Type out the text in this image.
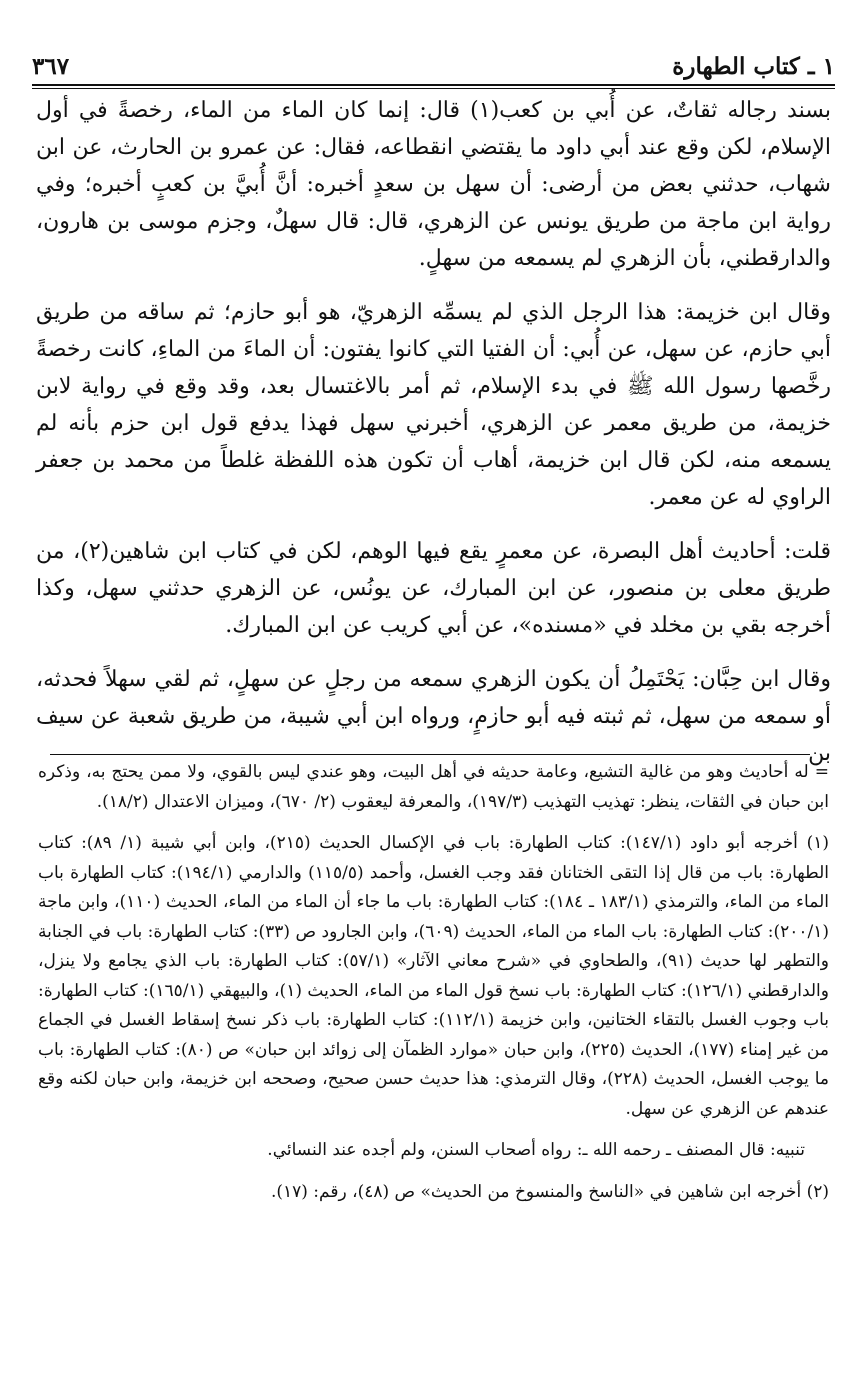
١ ـ كتاب الطهارة
٣٦٧

بسند رجاله ثقاتٌ، عن أُبي بن كعب(١) قال: إنما كان الماء من الماء، رخصةً في أول الإسلام، لكن وقع عند أبي داود ما يقتضي انقطاعه، فقال: عن عمرو بن الحارث، عن ابن شهاب، حدثني بعض من أرضى: أن سهل بن سعدٍ أخبره: أنَّ أُبيَّ بن كعبٍ أخبره؛ وفي رواية ابن ماجة من طريق يونس عن الزهري، قال: قال سهلٌ، وجزم موسى بن هارون، والدارقطني، بأن الزهري لم يسمعه من سهلٍ.

وقال ابن خزيمة: هذا الرجل الذي لم يسمِّه الزهريّ، هو أبو حازم؛ ثم ساقه من طريق أبي حازم، عن سهل، عن أُبي: أن الفتيا التي كانوا يفتون: أن الماءَ من الماءِ، كانت رخصةً رخَّصها رسول الله ﷺ في بدء الإسلام، ثم أمر بالاغتسال بعد، وقد وقع في رواية لابن خزيمة، من طريق معمر عن الزهري، أخبرني سهل فهذا يدفع قول ابن حزم بأنه لم يسمعه منه، لكن قال ابن خزيمة، أهاب أن تكون هذه اللفظة غلطاً من محمد بن جعفر الراوي له عن معمر.

قلت: أحاديث أهل البصرة، عن معمرٍ يقع فيها الوهم، لكن في كتاب ابن شاهين(٢)، من طريق معلى بن منصور، عن ابن المبارك، عن يونُس، عن الزهري حدثني سهل، وكذا أخرجه بقي بن مخلد في «مسنده»، عن أبي كريب عن ابن المبارك.

وقال ابن حِبَّان: يَحْتَمِلُ أن يكون الزهري سمعه من رجلٍ عن سهلٍ، ثم لقي سهلاً فحدثه، أو سمعه من سهل، ثم ثبته فيه أبو حازمٍ، ورواه ابن أبي شيبة، من طريق شعبة عن سيف بن

= له أحاديث وهو من غالية التشيع، وعامة حديثه في أهل البيت، وهو عندي ليس بالقوي، ولا ممن يحتج به، وذكره ابن حبان في الثقات، ينظر: تهذيب التهذيب (١٩٧/٣)، والمعرفة ليعقوب (٢/ ٦٧٠)، وميزان الاعتدال (١٨/٢).

(١) أخرجه أبو داود (١٤٧/١): كتاب الطهارة: باب في الإكسال الحديث (٢١٥)، وابن أبي شيبة (١/ ٨٩): كتاب الطهارة: باب من قال إذا التقى الختانان فقد وجب الغسل، وأحمد (١١٥/٥) والدارمي (١٩٤/١): كتاب الطهارة باب الماء من الماء، والترمذي (١٨٣/١ ـ ١٨٤): كتاب الطهارة: باب ما جاء أن الماء من الماء، الحديث (١١٠)، وابن ماجة (٢٠٠/١): كتاب الطهارة: باب الماء من الماء، الحديث (٦٠٩)، وابن الجارود ص (٣٣): كتاب الطهارة: باب في الجنابة والتطهر لها حديث (٩١)، والطحاوي في «شرح معاني الآثار» (٥٧/١): كتاب الطهارة: باب الذي يجامع ولا ينزل، والدارقطني (١٢٦/١): كتاب الطهارة: باب نسخ قول الماء من الماء، الحديث (١)، والبيهقي (١٦٥/١): كتاب الطهارة: باب وجوب الغسل بالتقاء الختانين، وابن خزيمة (١١٢/١): كتاب الطهارة: باب ذكر نسخ إسقاط الغسل في الجماع من غير إمناء (١٧٧)، الحديث (٢٢٥)، وابن حبان «موارد الظمآن إلى زوائد ابن حبان» ص (٨٠): كتاب الطهارة: باب ما يوجب الغسل، الحديث (٢٢٨)، وقال الترمذي: هذا حديث حسن صحيح، وصححه ابن خزيمة، وابن حبان لكنه وقع عندهم عن الزهري عن سهل.

تنبيه: قال المصنف ـ رحمه الله ـ: رواه أصحاب السنن، ولم أجده عند النسائي.

(٢) أخرجه ابن شاهين في «الناسخ والمنسوخ من الحديث» ص (٤٨)، رقم: (١٧).
